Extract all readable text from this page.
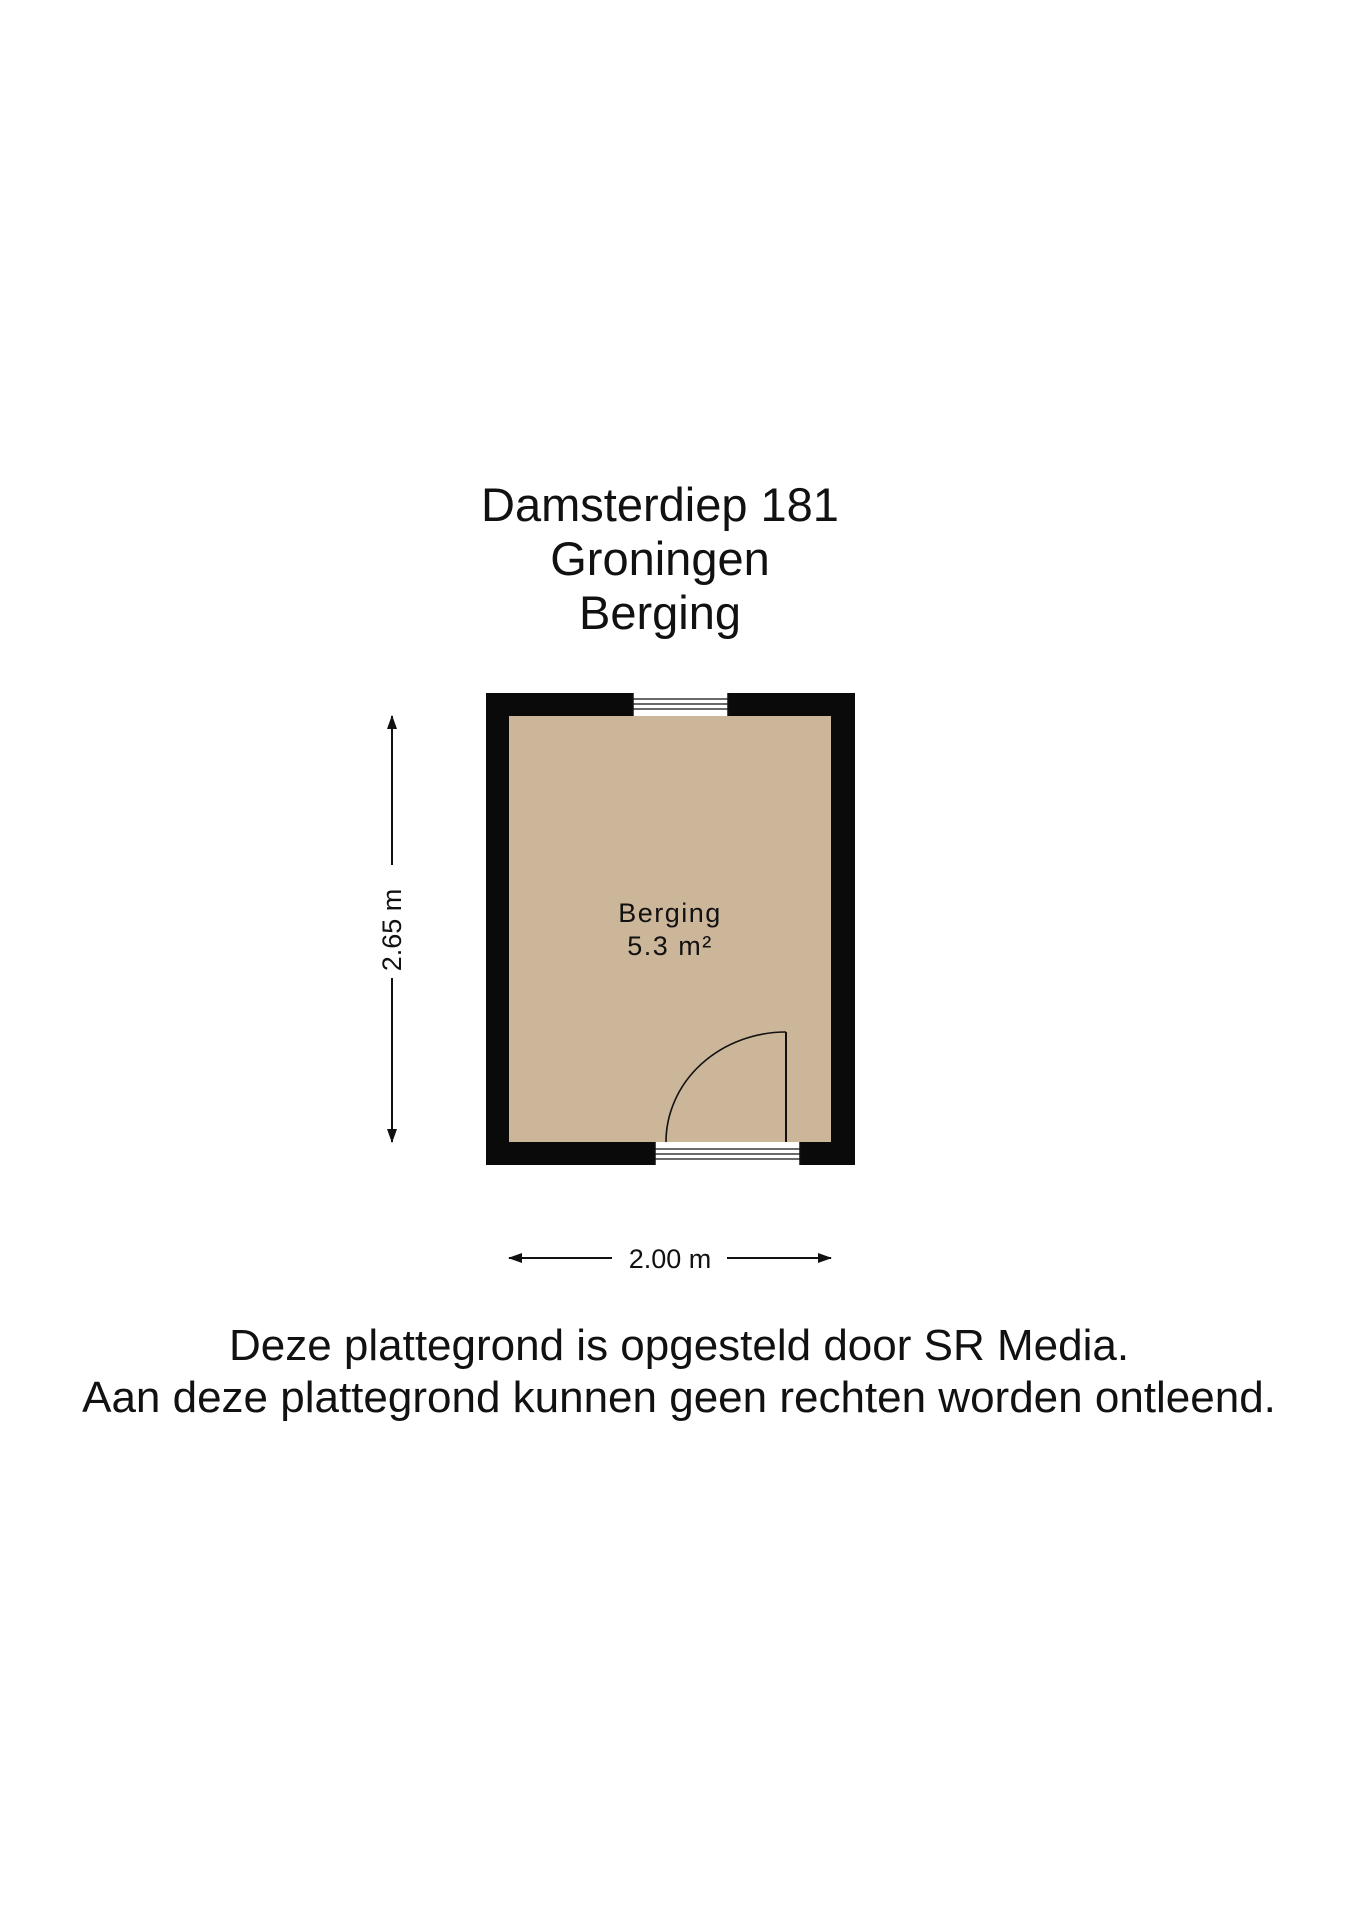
Damsterdiep 181
Groningen
Berging
Berging
5.3 m²
2.65 m
2.00 m
Deze plattegrond is opgesteld door SR Media.
Aan deze plattegrond kunnen geen rechten worden ontleend.
